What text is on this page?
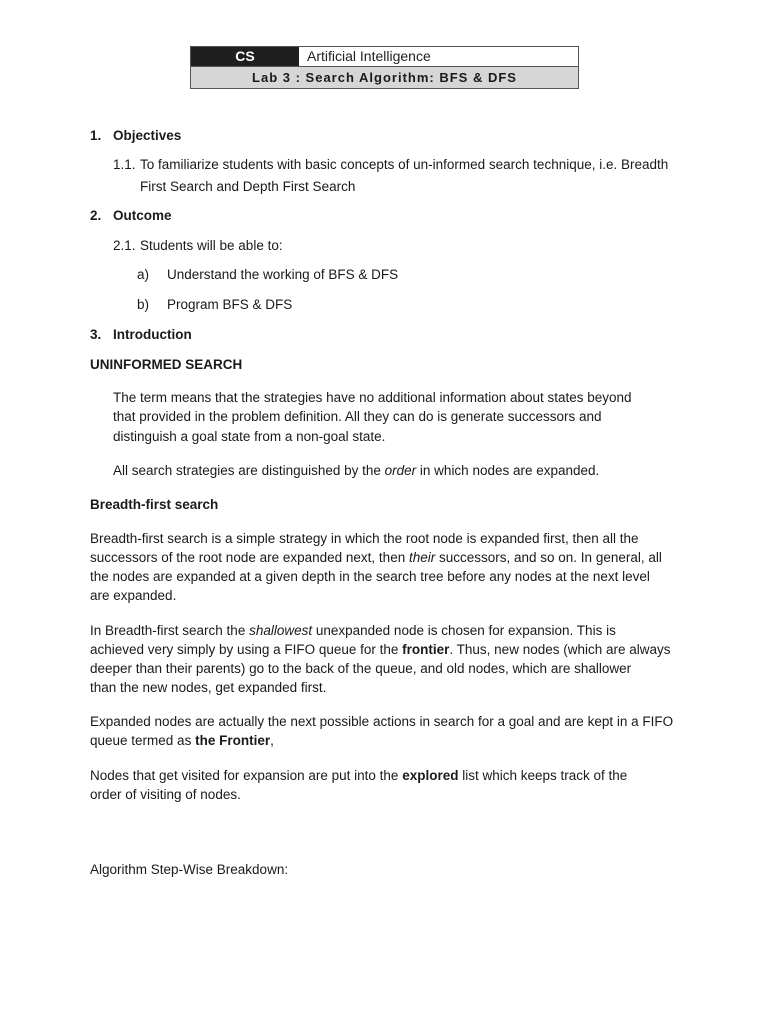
CS	Artificial Intelligence
Lab 3 : Search Algorithm: BFS & DFS
1. Objectives
1.1. To familiarize students with basic concepts of un-informed search technique, i.e. Breadth
First Search and Depth First Search
2. Outcome
2.1. Students will be able to:
a) Understand the working of BFS & DFS
b) Program BFS & DFS
3. Introduction
UNINFORMED SEARCH
The term means that the strategies have no additional information about states beyond
that provided in the problem definition. All they can do is generate successors and
distinguish a goal state from a non-goal state.
All search strategies are distinguished by the order in which nodes are expanded.
Breadth-first search
Breadth-first search is a simple strategy in which the root node is expanded first, then all the
successors of the root node are expanded next, then their successors, and so on. In general, all
the nodes are expanded at a given depth in the search tree before any nodes at the next level
are expanded.
In Breadth-first search the shallowest unexpanded node is chosen for expansion. This is
achieved very simply by using a FIFO queue for the frontier. Thus, new nodes (which are always
deeper than their parents) go to the back of the queue, and old nodes, which are shallower
than the new nodes, get expanded first.
Expanded nodes are actually the next possible actions in search for a goal and are kept in a FIFO
queue termed as the Frontier,
Nodes that get visited for expansion are put into the explored list which keeps track of the
order of visiting of nodes.
Algorithm Step-Wise Breakdown:
